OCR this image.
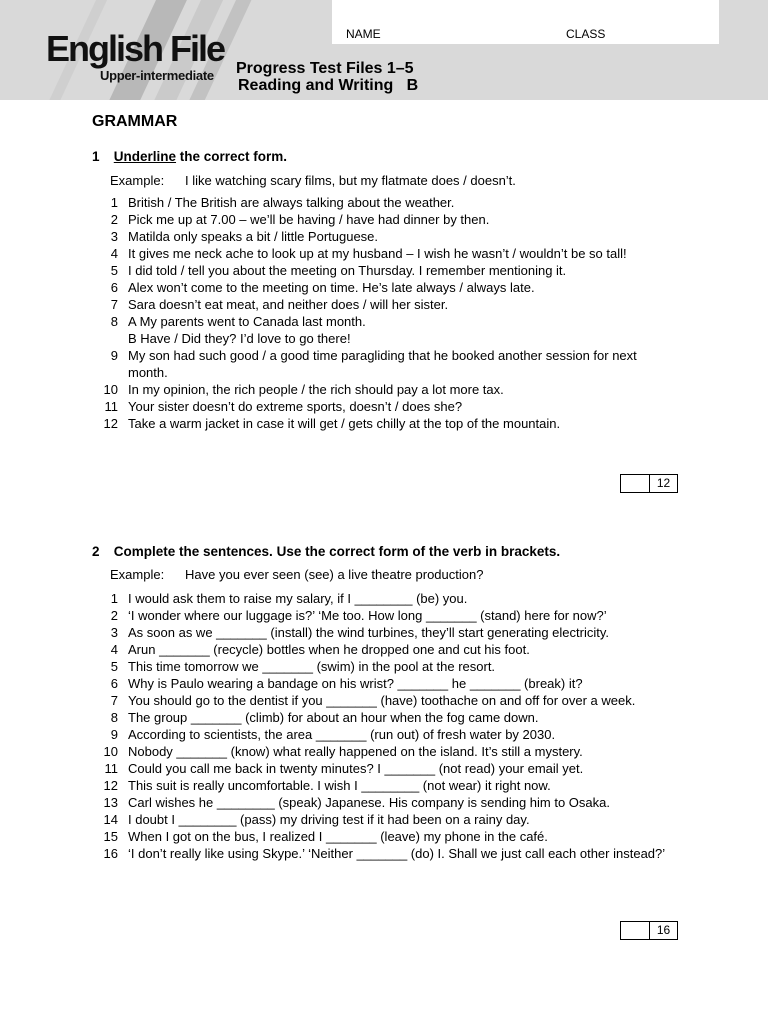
English File
Upper-intermediate
NAME	CLASS
Progress Test Files 1–5
Reading and Writing   B
GRAMMAR
1 Underline the correct form.
Example: I like watching scary films, but my flatmate does / doesn’t.
1 British / The British are always talking about the weather.
2 Pick me up at 7.00 – we’ll be having / have had dinner by then.
3 Matilda only speaks a bit / little Portuguese.
4 It gives me neck ache to look up at my husband – I wish he wasn’t / wouldn’t be so tall!
5 I did told / tell you about the meeting on Thursday. I remember mentioning it.
6 Alex won’t come to the meeting on time. He’s late always / always late.
7 Sara doesn’t eat meat, and neither does / will her sister.
8 A My parents went to Canada last month.
B Have / Did they? I’d love to go there!
9 My son had such good / a good time paragliding that he booked another session for next month.
10 In my opinion, the rich people / the rich should pay a lot more tax.
11 Your sister doesn’t do extreme sports, doesn’t / does she?
12 Take a warm jacket in case it will get / gets chilly at the top of the mountain.
12
2 Complete the sentences. Use the correct form of the verb in brackets.
Example: Have you ever seen (see) a live theatre production?
1 I would ask them to raise my salary, if I ________ (be) you.
2 ‘I wonder where our luggage is?’ ‘Me too. How long _______ (stand) here for now?’
3 As soon as we _______ (install) the wind turbines, they’ll start generating electricity.
4 Arun _______ (recycle) bottles when he dropped one and cut his foot.
5 This time tomorrow we _______ (swim) in the pool at the resort.
6 Why is Paulo wearing a bandage on his wrist? _______ he _______ (break) it?
7 You should go to the dentist if you _______ (have) toothache on and off for over a week.
8 The group _______ (climb) for about an hour when the fog came down.
9 According to scientists, the area _______ (run out) of fresh water by 2030.
10 Nobody _______ (know) what really happened on the island. It’s still a mystery.
11 Could you call me back in twenty minutes? I _______ (not read) your email yet.
12 This suit is really uncomfortable. I wish I ________ (not wear) it right now.
13 Carl wishes he ________ (speak) Japanese. His company is sending him to Osaka.
14 I doubt I ________ (pass) my driving test if it had been on a rainy day.
15 When I got on the bus, I realized I _______ (leave) my phone in the café.
16 ‘I don’t really like using Skype.’ ‘Neither _______ (do) I. Shall we just call each other instead?’
16
